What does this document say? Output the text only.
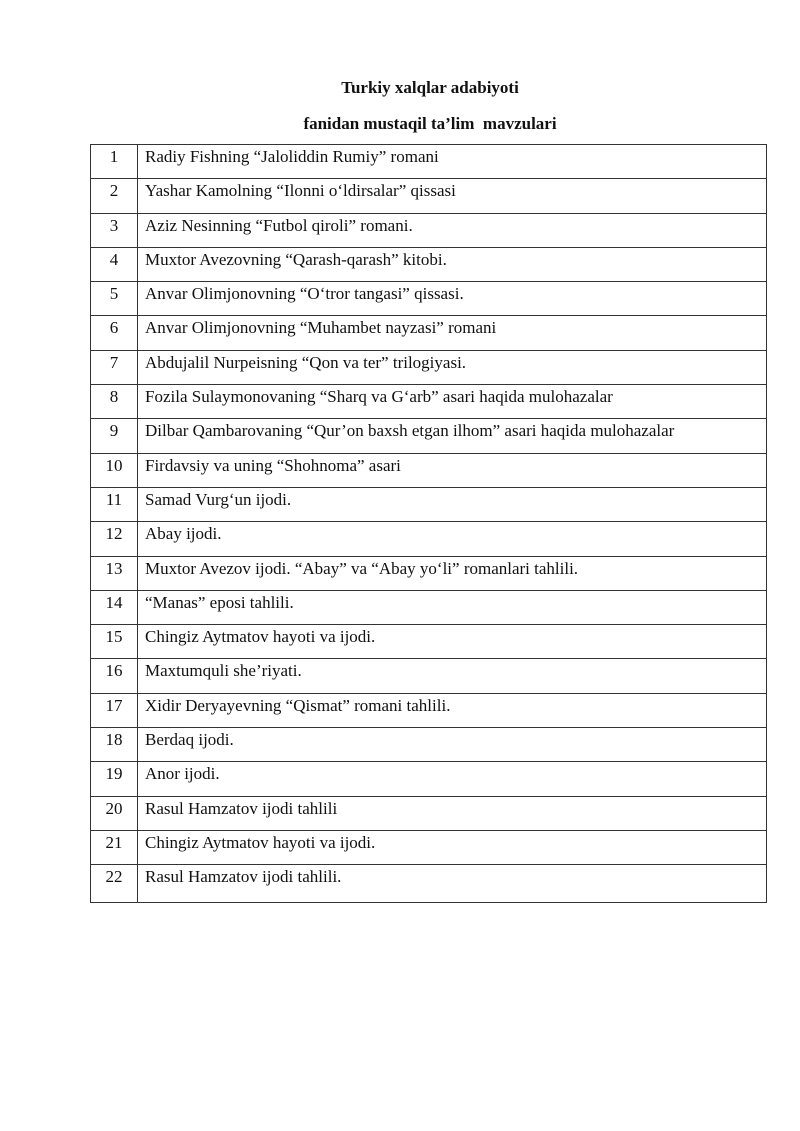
Turkiy xalqlar adabiyoti
fanidan mustaqil ta’lim  mavzulari
1	Radiy Fishning “Jaloliddin Rumiy” romani
2	Yashar Kamolning “Ilonni o‘ldirsalar” qissasi
3	Aziz Nesinning “Futbol qiroli” romani.
4	Muxtor Avezovning “Qarash-qarash” kitobi.
5	Anvar Olimjonovning “O‘tror tangasi” qissasi.
6	Anvar Olimjonovning “Muhambet nayzasi” romani
7	Abdujalil Nurpeisning “Qon va ter” trilogiyasi.
8	Fozila Sulaymonovaning “Sharq va G‘arb” asari haqida mulohazalar
9	Dilbar Qambarovaning “Qur’on baxsh etgan ilhom” asari haqida mulohazalar
10	Firdavsiy va uning “Shohnoma” asari
11	Samad Vurg‘un ijodi.
12	Abay ijodi.
13	Muxtor Avezov ijodi. “Abay” va “Abay yo‘li” romanlari tahlili.
14	“Manas” eposi tahlili.
15	Chingiz Aytmatov hayoti va ijodi.
16	Maxtumquli she’riyati.
17	Xidir Deryayevning “Qismat” romani tahlili.
18	Berdaq ijodi.
19	Anor ijodi.
20	Rasul Hamzatov ijodi tahlili
21	Chingiz Aytmatov hayoti va ijodi.
22	Rasul Hamzatov ijodi tahlili.
